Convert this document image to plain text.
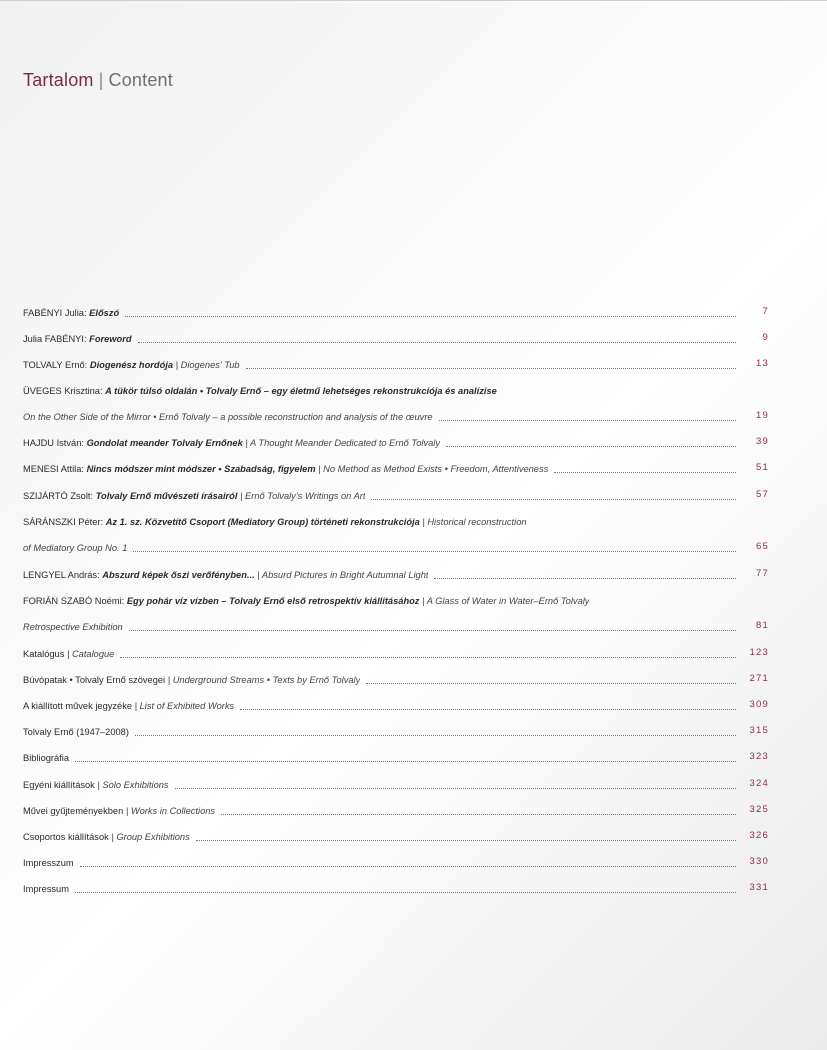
Tartalom | Content
FABÉNYI Julia: Előszó	7
Julia FABÉNYI: Foreword	9
TOLVALY Ernő: Diogenész hordója | Diogenes' Tub	13
ÜVEGES Krisztina: A tükör túlsó oldalán • Tolvaly Ernő – egy életmű lehetséges rekonstrukciója és analízise
On the Other Side of the Mirror • Ernő Tolvaly – a possible reconstruction and analysis of the œuvre	19
HAJDU István: Gondolat meander Tolvaly Ernőnek | A Thought Meander Dedicated to Ernő Tolvaly	39
MENESI Attila: Nincs módszer mint módszer • Szabadság, figyelem | No Method as Method Exists • Freedom, Attentiveness	51
SZIJÁRTÓ Zsolt: Tolvaly Ernő művészeti írásairól | Ernő Tolvaly's Writings on Art	57
SÁRÁNSZKI Péter: Az 1. sz. Közvetítő Csoport (Mediatory Group) történeti rekonstrukciója | Historical reconstruction
of Mediatory Group No. 1	65
LENGYEL András: Abszurd képek őszi verőfényben... | Absurd Pictures in Bright Autumnal Light	77
FORIÁN SZABÓ Noémi: Egy pohár víz vízben – Tolvaly Ernő első retrospektív kiállításához | A Glass of Water in Water–Ernő Tolvaly
Retrospective Exhibition	81
Katalógus | Catalogue	123
Búvópatak • Tolvaly Ernő szövegei | Underground Streams • Texts by Ernő Tolvaly	271
A kiállított művek jegyzéke | List of Exhibited Works	309
Tolvaly Ernő (1947–2008)	315
Bibliográfia	323
Egyéni kiállítások | Solo Exhibitions	324
Művei gyűjteményekben | Works in Collections	325
Csoportos kiállítások | Group Exhibitions	326
Impresszum	330
Impressum	331
